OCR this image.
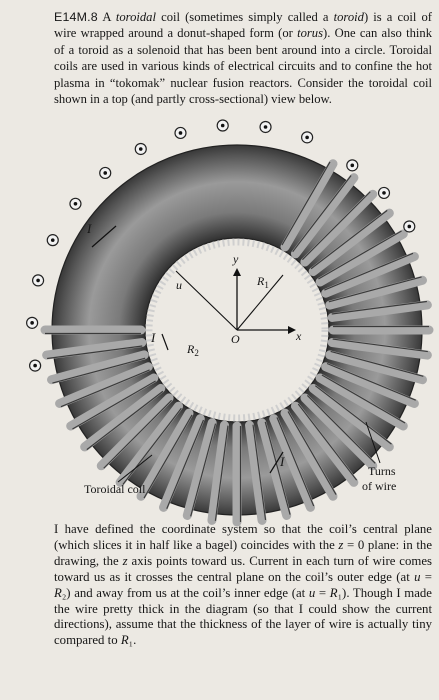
E14M.8 A toroidal coil (sometimes simply called a toroid) is a coil of wire wrapped around a donut-shaped form (or torus). One can also think of a toroid as a solenoid that has been bent around into a circle. Toroidal coils are used in various kinds of electrical circuits and to confine the hot plasma in “tokomak” nuclear fusion reactors. Consider the toroidal coil shown in a top (and partly cross-sectional) view below.

I
I
I
y
x
u	$R_1$
$R_2$
O
Turns
of wire
Toroidal coil

I have defined the coordinate system so that the coil’s central plane (which slices it in half like a bagel) coincides with the z = 0 plane: in the drawing, the z axis points toward us. Current in each turn of wire comes toward us as it crosses the central plane on the coil’s outer edge (at u = R₂) and away from us at the coil’s inner edge (at u = R₁). Though I made the wire pretty thick in the diagram (so that I could show the current directions), assume that the thickness of the layer of wire is actually tiny compared to R₁.
